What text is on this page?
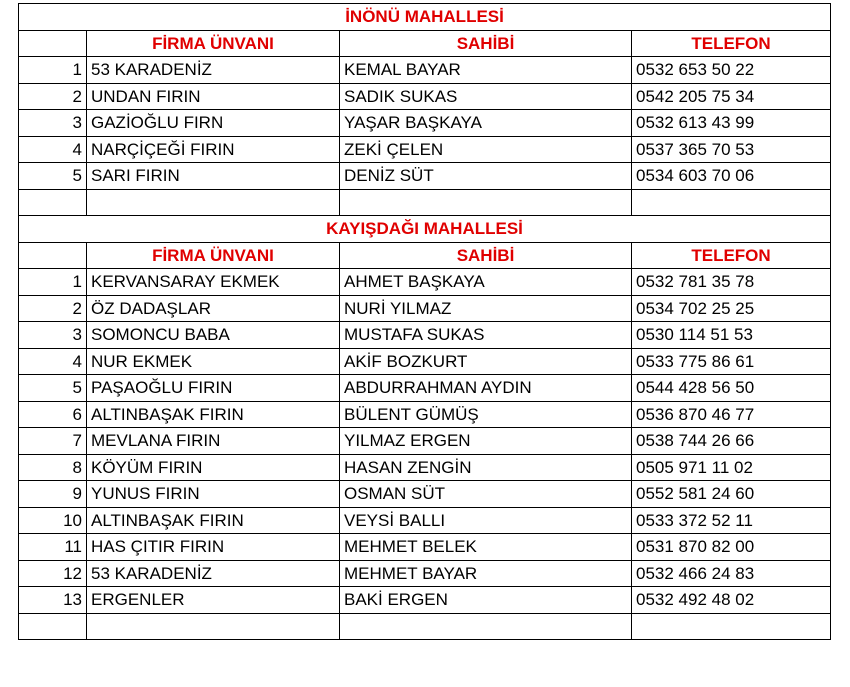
İNÖNÜ MAHALLESİ			
	FİRMA ÜNVANI	SAHİBİ	TELEFON
1	53 KARADENİZ	KEMAL BAYAR	0532 653 50 22
2	UNDAN FIRIN	SADIK SUKAS	0542 205 75 34
3	GAZİOĞLU FIRN	YAŞAR BAŞKAYA	0532 613 43 99
4	NARÇİÇEĞİ FIRIN	ZEKİ ÇELEN	0537 365 70 53
5	SARI FIRIN	DENİZ SÜT	0534 603 70 06

KAYIŞDAĞI MAHALLESİ			
	FİRMA ÜNVANI	SAHİBİ	TELEFON
1	KERVANSARAY EKMEK	AHMET BAŞKAYA	0532 781 35 78
2	ÖZ DADAŞLAR	NURİ YILMAZ	0534 702 25 25
3	SOMONCU BABA	MUSTAFA SUKAS	0530 114 51 53
4	NUR EKMEK	AKİF BOZKURT	0533 775 86 61
5	PAŞAOĞLU FIRIN	ABDURRAHMAN AYDIN	0544 428 56 50
6	ALTINBAŞAK FIRIN	BÜLENT GÜMÜŞ	0536 870 46 77
7	MEVLANA FIRIN	YILMAZ ERGEN	0538 744 26 66
8	KÖYÜM FIRIN	HASAN ZENGİN	0505 971 11 02
9	YUNUS FIRIN	OSMAN SÜT	0552 581 24 60
10	ALTINBAŞAK FIRIN	VEYSİ BALLI	0533 372 52 11
11	HAS ÇITIR FIRIN	MEHMET BELEK	0531 870 82 00
12	53 KARADENİZ	MEHMET BAYAR	0532 466 24 83
13	ERGENLER	BAKİ ERGEN	0532 492 48 02
